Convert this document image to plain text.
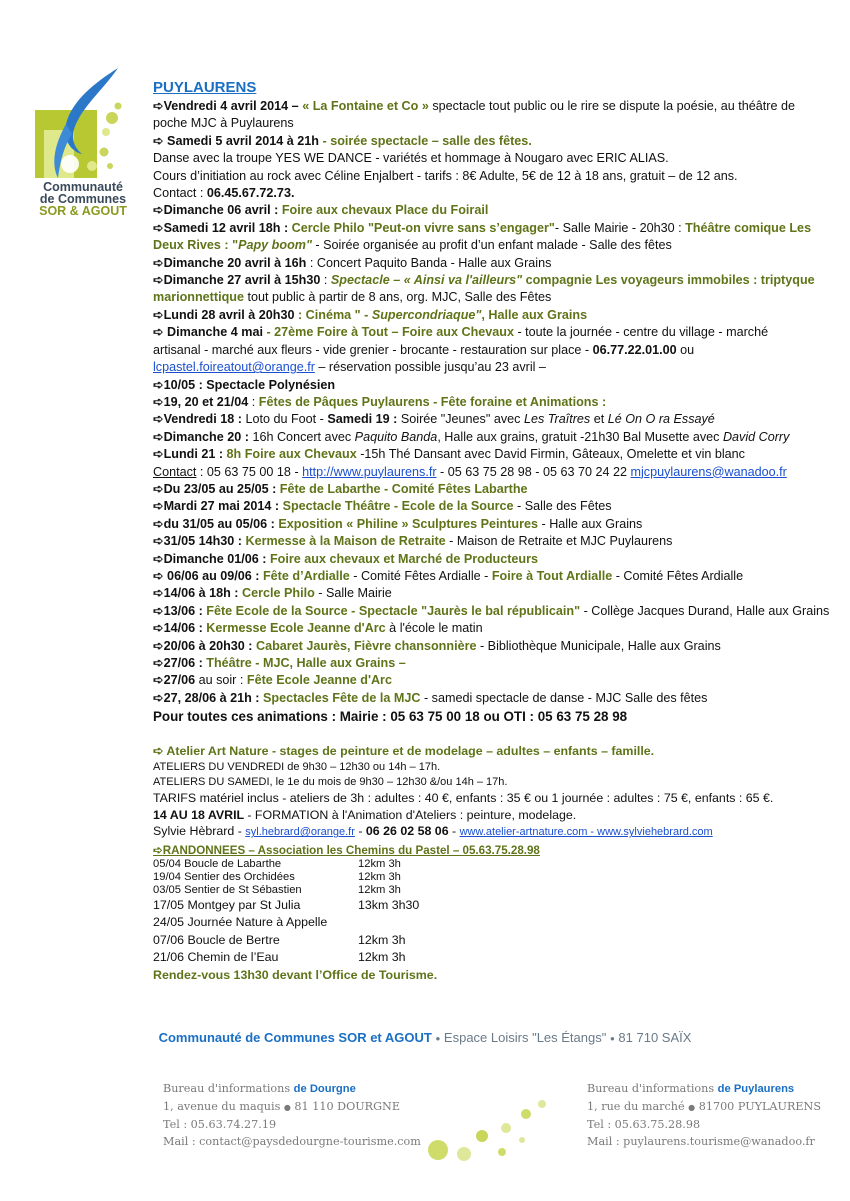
Communauté
de Communes
SOR & AGOUT
PUYLAURENS
➪Vendredi 4 avril 2014 – « La Fontaine et Co » spectacle tout public ou le rire se dispute la poésie, au théâtre de
poche MJC à Puylaurens
➪ Samedi 5 avril 2014 à 21h - soirée spectacle – salle des fêtes.
Danse avec la troupe YES WE DANCE - variétés et hommage à Nougaro avec ERIC ALIAS.
Cours d’initiation au rock avec Céline Enjalbert - tarifs : 8€ Adulte, 5€ de 12 à 18 ans, gratuit – de 12 ans.
Contact : 06.45.67.72.73.
➪Dimanche 06 avril : Foire aux chevaux Place du Foirail
➪Samedi 12 avril 18h : Cercle Philo "Peut-on vivre sans s’engager"- Salle Mairie - 20h30 : Théâtre comique Les
Deux Rives : "Papy boom" - Soirée organisée au profit d’un enfant malade - Salle des fêtes
➪Dimanche 20 avril à 16h : Concert Paquito Banda - Halle aux Grains
➪Dimanche 27 avril à 15h30 : Spectacle – « Ainsi va l'ailleurs" compagnie Les voyageurs immobiles : triptyque
marionnettique tout public à partir de 8 ans, org. MJC, Salle des Fêtes
➪Lundi 28 avril à 20h30 : Cinéma " - Supercondriaque", Halle aux Grains
➪ Dimanche 4 mai - 27ème Foire à Tout – Foire aux Chevaux - toute la journée - centre du village - marché
artisanal - marché aux fleurs - vide grenier - brocante - restauration sur place - 06.77.22.01.00 ou
lcpastel.foireatout@orange.fr – réservation possible jusqu’au 23 avril –
➪10/05 : Spectacle Polynésien
➪19, 20 et 21/04 : Fêtes de Pâques Puylaurens - Fête foraine et Animations :
➪Vendredi 18 : Loto du Foot - Samedi 19 : Soirée "Jeunes" avec Les Traîtres et Lé On O ra Essayé
➪Dimanche 20 : 16h Concert avec Paquito Banda, Halle aux grains, gratuit -21h30 Bal Musette avec David Corry
➪Lundi 21 : 8h Foire aux Chevaux -15h Thé Dansant avec David Firmin, Gâteaux, Omelette et vin blanc
Contact : 05 63 75 00 18 - http://www.puylaurens.fr - 05 63 75 28 98 - 05 63 70 24 22 mjcpuylaurens@wanadoo.fr
➪Du 23/05 au 25/05 : Fête de Labarthe - Comité Fêtes Labarthe
➪Mardi 27 mai 2014 : Spectacle Théâtre - Ecole de la Source - Salle des Fêtes
➪du 31/05 au 05/06 : Exposition « Philine » Sculptures Peintures - Halle aux Grains
➪31/05 14h30 : Kermesse à la Maison de Retraite - Maison de Retraite et MJC Puylaurens
➪Dimanche 01/06 : Foire aux chevaux et Marché de Producteurs
➪ 06/06 au 09/06 : Fête d’Ardialle - Comité Fêtes Ardialle - Foire à Tout Ardialle - Comité Fêtes Ardialle
➪14/06 à 18h : Cercle Philo - Salle Mairie
➪13/06 : Fête Ecole de la Source - Spectacle "Jaurès le bal républicain" - Collège Jacques Durand, Halle aux Grains
➪14/06 : Kermesse Ecole Jeanne d'Arc à l'école le matin
➪20/06 à 20h30 : Cabaret Jaurès, Fièvre chansonnière - Bibliothèque Municipale, Halle aux Grains
➪27/06 : Théâtre - MJC, Halle aux Grains –
➪27/06 au soir : Fête Ecole Jeanne d'Arc
➪27, 28/06 à 21h : Spectacles Fête de la MJC - samedi spectacle de danse - MJC Salle des fêtes
Pour toutes ces animations : Mairie : 05 63 75 00 18 ou OTI : 05 63 75 28 98
➪ Atelier Art Nature - stages de peinture et de modelage – adultes – enfants – famille.
ATELIERS DU VENDREDI de 9h30 – 12h30 ou 14h – 17h.
ATELIERS DU SAMEDI, le 1e du mois de 9h30 – 12h30 &/ou 14h – 17h.
TARIFS matériel inclus - ateliers de 3h : adultes : 40 €, enfants : 35 € ou 1 journée : adultes : 75 €, enfants : 65 €.
14 AU 18 AVRIL - FORMATION à l'Animation d'Ateliers : peinture, modelage.
Sylvie Hèbrard - syl.hebrard@orange.fr - 06 26 02 58 06 - www.atelier-artnature.com - www.sylviehebrard.com
➪RANDONNEES – Association les Chemins du Pastel – 05.63.75.28.98
05/04 Boucle de Labarthe	12km 3h
19/04 Sentier des Orchidées	12km 3h
03/05 Sentier de St Sébastien	12km 3h
17/05 Montgey par St Julia	13km 3h30
24/05 Journée Nature à Appelle
07/06 Boucle de Bertre	12km 3h
21/06 Chemin de l’Eau	12km 3h
Rendez-vous 13h30 devant l’Office de Tourisme.
Communauté de Communes SOR et AGOUT ● Espace Loisirs "Les Étangs" ● 81 710 SAÏX
Bureau d'informations de Dourgne
1, avenue du maquis ● 81 110 DOURGNE
Tel : 05.63.74.27.19
Mail : contact@paysdedourgne-tourisme.com
Bureau d'informations de Puylaurens
1, rue du marché ● 81700 PUYLAURENS
Tel : 05.63.75.28.98
Mail : puylaurens.tourisme@wanadoo.fr
